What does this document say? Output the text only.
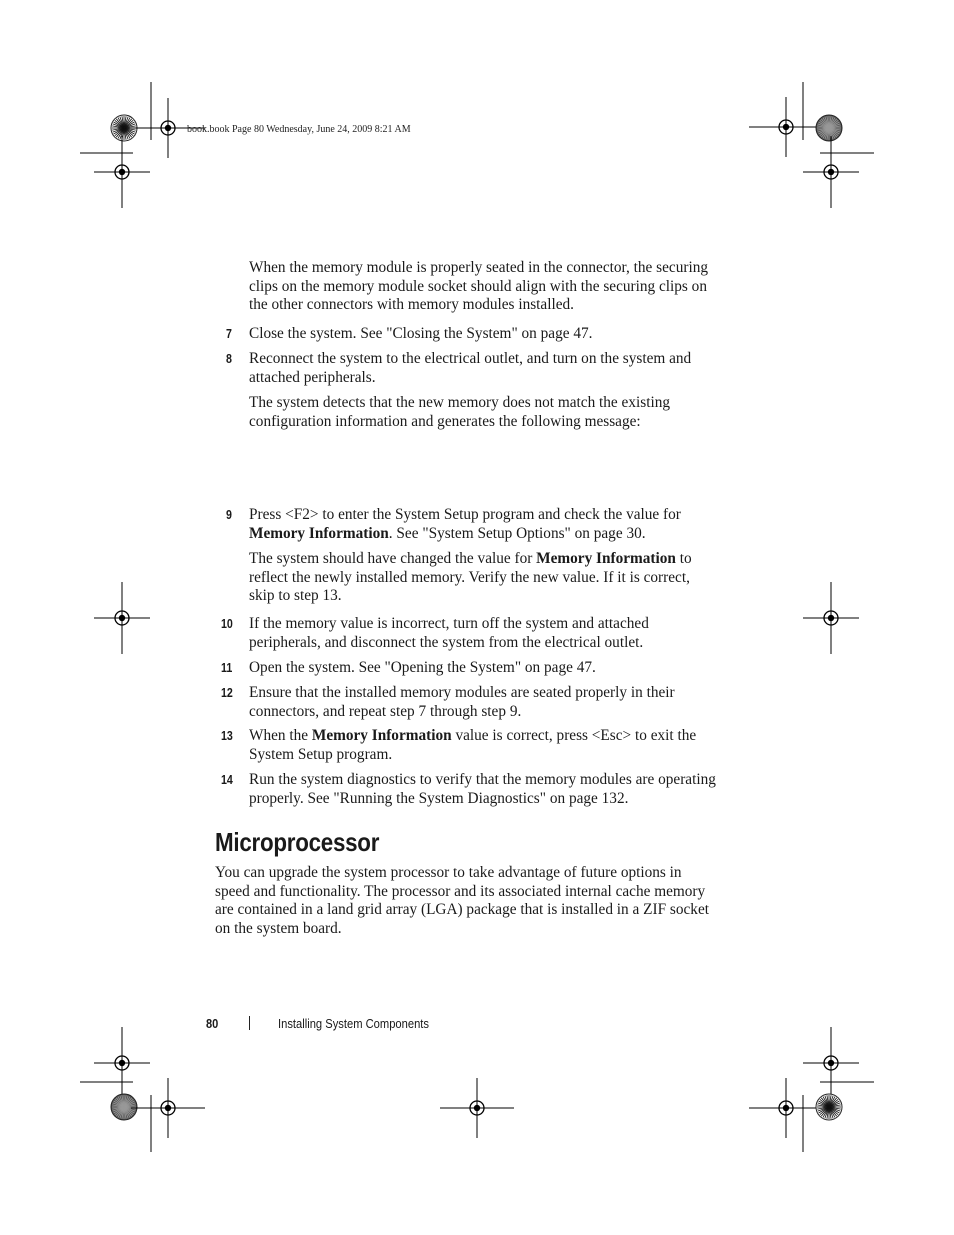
book.book Page 80 Wednesday, June 24, 2009 8:21 AM

When the memory module is properly seated in the connector, the securing clips on the memory module socket should align with the securing clips on the other connectors with memory modules installed.

7 Close the system. See "Closing the System" on page 47.

8 Reconnect the system to the electrical outlet, and turn on the system and attached peripherals.

The system detects that the new memory does not match the existing configuration information and generates the following message:

9 Press <F2> to enter the System Setup program and check the value for Memory Information. See "System Setup Options" on page 30.

The system should have changed the value for Memory Information to reflect the newly installed memory. Verify the new value. If it is correct, skip to step 13.

10 If the memory value is incorrect, turn off the system and attached peripherals, and disconnect the system from the electrical outlet.

11 Open the system. See "Opening the System" on page 47.

12 Ensure that the installed memory modules are seated properly in their connectors, and repeat step 7 through step 9.

13 When the Memory Information value is correct, press <Esc> to exit the System Setup program.

14 Run the system diagnostics to verify that the memory modules are operating properly. See "Running the System Diagnostics" on page 132.

Microprocessor

You can upgrade the system processor to take advantage of future options in speed and functionality. The processor and its associated internal cache memory are contained in a land grid array (LGA) package that is installed in a ZIF socket on the system board.

80	Installing System Components
